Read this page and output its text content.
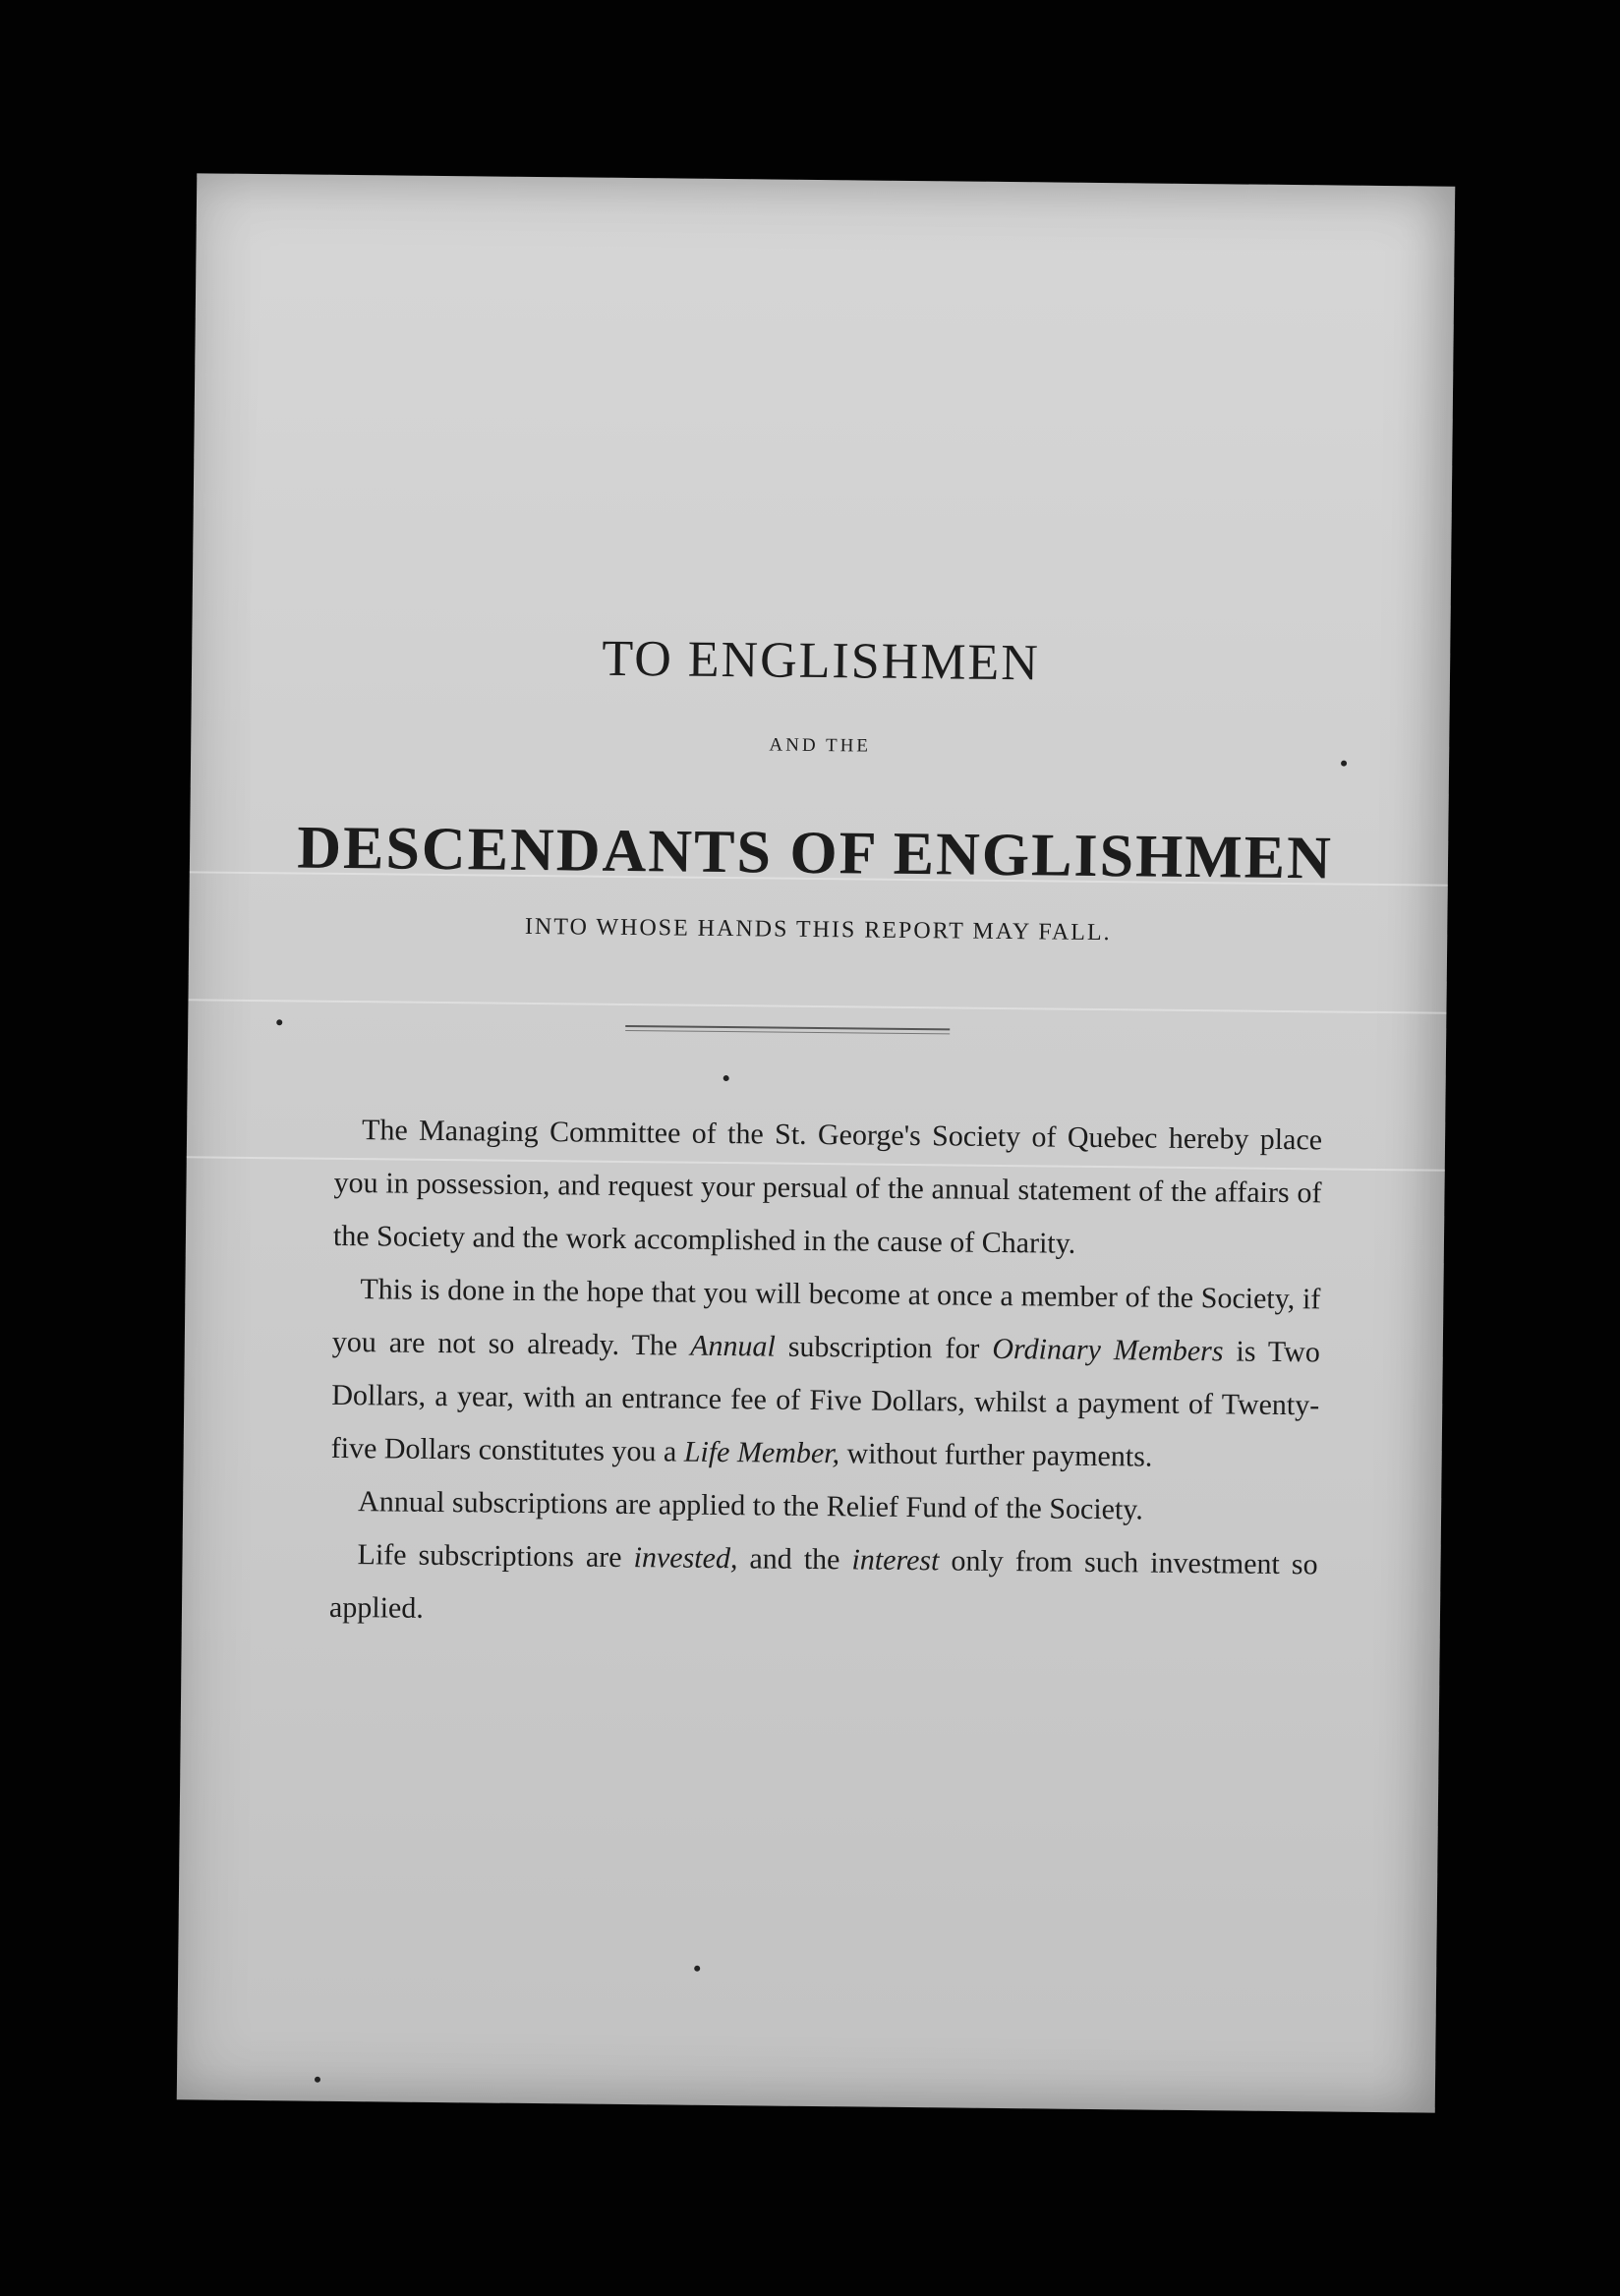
TO ENGLISHMEN
AND THE
DESCENDANTS OF ENGLISHMEN
INTO WHOSE HANDS THIS REPORT MAY FALL.

The Managing Committee of the St. George's Society of Quebec hereby place you in possession, and request your persual of the annual statement of the affairs of the Society and the work accomplished in the cause of Charity.

This is done in the hope that you will become at once a member of the Society, if you are not so already. The Annual subscription for Ordinary Members is Two Dollars, a year, with an entrance fee of Five Dollars, whilst a payment of Twenty-five Dollars constitutes you a Life Member, without further payments.

Annual subscriptions are applied to the Relief Fund of the Society.

Life subscriptions are invested, and the interest only from such investment so applied.
